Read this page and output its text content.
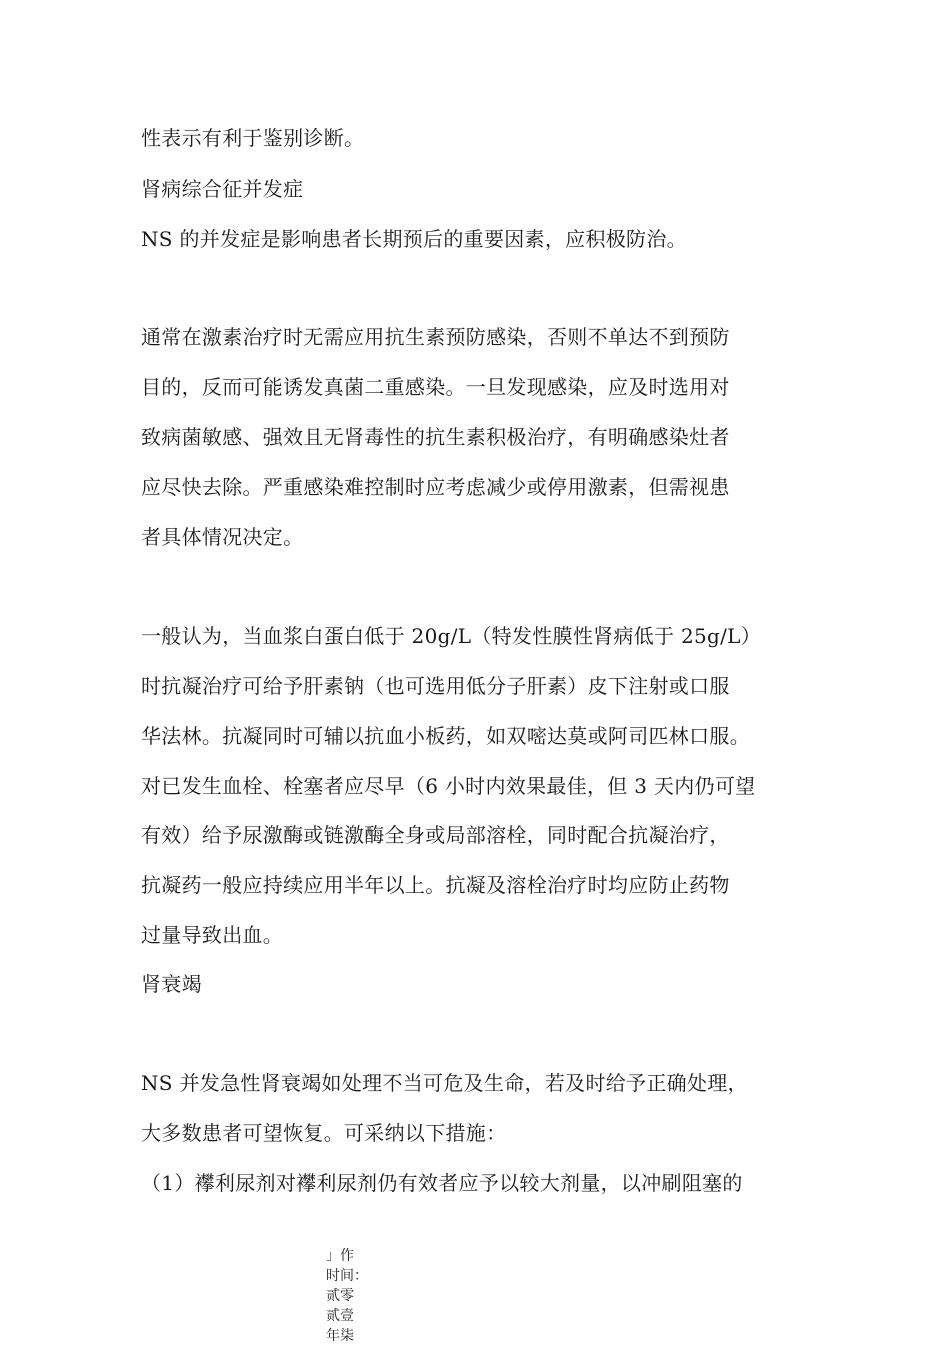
性表示有利于鉴别诊断。
肾病综合征并发症
NS 的并发症是影响患者长期预后的重要因素，应积极防治。
通常在激素治疗时无需应用抗生素预防感染，否则不单达不到预防
目的，反而可能诱发真菌二重感染。一旦发现感染，应及时选用对
致病菌敏感、强效且无肾毒性的抗生素积极治疗，有明确感染灶者
应尽快去除。严重感染难控制时应考虑减少或停用激素，但需视患
者具体情况决定。
一般认为，当血浆白蛋白低于 20g/L（特发性膜性肾病低于 25g/L）
时抗凝治疗可给予肝素钠（也可选用低分子肝素）皮下注射或口服
华法林。抗凝同时可辅以抗血小板药，如双嘧达莫或阿司匹林口服。
对已发生血栓、栓塞者应尽早（6 小时内效果最佳，但 3 天内仍可望
有效）给予尿激酶或链激酶全身或局部溶栓，同时配合抗凝治疗，
抗凝药一般应持续应用半年以上。抗凝及溶栓治疗时均应防止药物
过量导致出血。
肾衰竭
NS 并发急性肾衰竭如处理不当可危及生命，若及时给予正确处理，
大多数患者可望恢复。可采纳以下措施：
（1）襻利尿剂对襻利尿剂仍有效者应予以较大剂量，以冲刷阻塞的
」作
时间：
贰零
贰壹
年柒
